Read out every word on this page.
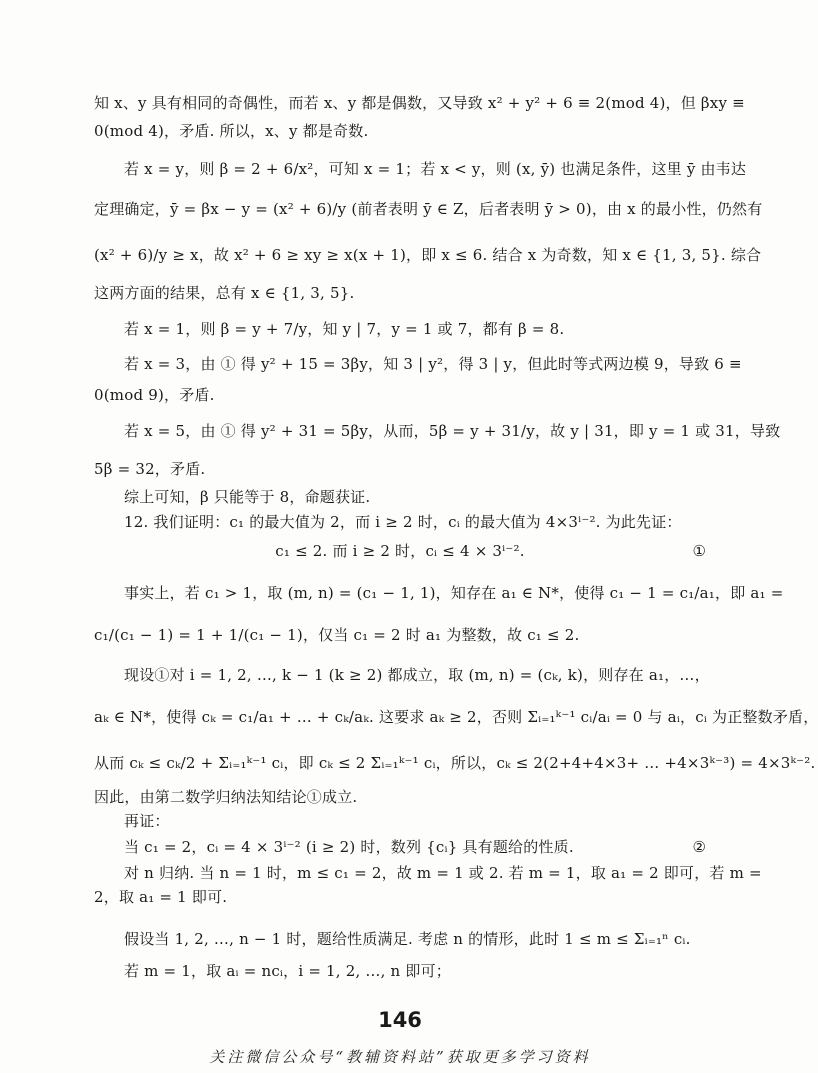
知 x、y 具有相同的奇偶性，而若 x、y 都是偶数，又导致 x² + y² + 6 ≡ 2(mod 4)，但 βxy ≡
0(mod 4)，矛盾. 所以，x、y 都是奇数.
若 x = y，则 β = 2 + 6/x²，可知 x = 1；若 x < y，则 (x, ȳ) 也满足条件，这里 ȳ 由韦达
定理确定，ȳ = βx − y = (x² + 6)/y (前者表明 ȳ ∈ Z，后者表明 ȳ > 0)，由 x 的最小性，仍然有
(x² + 6)/y ≥ x，故 x² + 6 ≥ xy ≥ x(x + 1)，即 x ≤ 6. 结合 x 为奇数，知 x ∈ {1, 3, 5}. 综合
这两方面的结果，总有 x ∈ {1, 3, 5}.
若 x = 1，则 β = y + 7/y，知 y | 7，y = 1 或 7，都有 β = 8.
若 x = 3，由 ① 得 y² + 15 = 3βy，知 3 | y²，得 3 | y，但此时等式两边模 9，导致 6 ≡
0(mod 9)，矛盾.
若 x = 5，由 ① 得 y² + 31 = 5βy，从而，5β = y + 31/y，故 y | 31，即 y = 1 或 31，导致
5β = 32，矛盾.
综上可知，β 只能等于 8，命题获证.
12. 我们证明：c₁ 的最大值为 2，而 i ≥ 2 时，cᵢ 的最大值为 4×3ⁱ⁻². 为此先证：
c₁ ≤ 2. 而 i ≥ 2 时，cᵢ ≤ 4 × 3ⁱ⁻².	①
事实上，若 c₁ > 1，取 (m, n) = (c₁ − 1, 1)，知存在 a₁ ∈ N*，使得 c₁ − 1 = c₁/a₁，即 a₁ =
c₁/(c₁ − 1) = 1 + 1/(c₁ − 1)，仅当 c₁ = 2 时 a₁ 为整数，故 c₁ ≤ 2.
现设①对 i = 1, 2, …, k − 1 (k ≥ 2) 都成立，取 (m, n) = (cₖ, k)，则存在 a₁，…，
aₖ ∈ N*，使得 cₖ = c₁/a₁ + … + cₖ/aₖ. 这要求 aₖ ≥ 2，否则 Σᵢ₌₁ᵏ⁻¹ cᵢ/aᵢ = 0 与 aᵢ，cᵢ 为正整数矛盾，
从而 cₖ ≤ cₖ/2 + Σᵢ₌₁ᵏ⁻¹ cᵢ，即 cₖ ≤ 2 Σᵢ₌₁ᵏ⁻¹ cᵢ，所以，cₖ ≤ 2(2+4+4×3+ … +4×3ᵏ⁻³) = 4×3ᵏ⁻².
因此，由第二数学归纳法知结论①成立.
再证：
当 c₁ = 2，cᵢ = 4 × 3ⁱ⁻² (i ≥ 2) 时，数列 {cᵢ} 具有题给的性质.	②
对 n 归纳. 当 n = 1 时，m ≤ c₁ = 2，故 m = 1 或 2. 若 m = 1，取 a₁ = 2 即可，若 m =
2，取 a₁ = 1 即可.
假设当 1, 2, …, n − 1 时，题给性质满足. 考虑 n 的情形，此时 1 ≤ m ≤ Σᵢ₌₁ⁿ cᵢ.
若 m = 1，取 aᵢ = ncᵢ，i = 1, 2, …, n 即可；
146
关注微信公众号“教辅资料站”获取更多学习资料
